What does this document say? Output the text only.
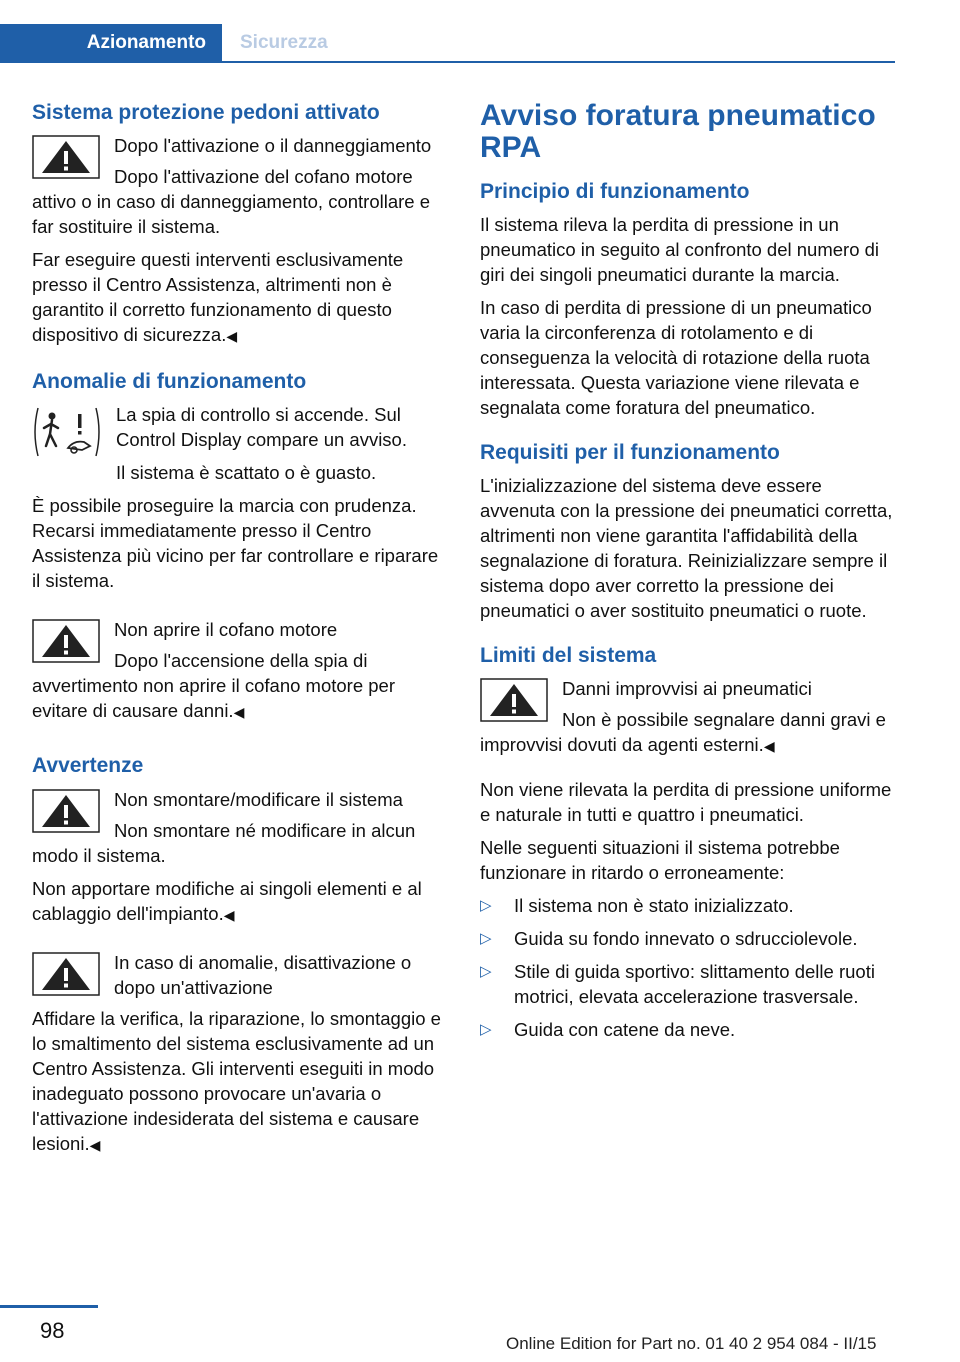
Azionamento	Sicurezza
Sistema protezione pedoni attivato

Dopo l'attivazione o il danneggiamento

Dopo l'attivazione del cofano motore attivo o in caso di danneggiamento, controllare e far sostituire il sistema.

Far eseguire questi interventi esclusivamente presso il Centro Assistenza, altrimenti non è garantito il corretto funzionamento di questo dispositivo di sicurezza.◀

Anomalie di funzionamento

La spia di controllo si accende. Sul Control Display compare un avviso.

Il sistema è scattato o è guasto.

È possibile proseguire la marcia con prudenza. Recarsi immediatamente presso il Centro Assistenza più vicino per far controllare e riparare il sistema.

Non aprire il cofano motore

Dopo l'accensione della spia di avvertimento non aprire il cofano motore per evitare di causare danni.◀

Avvertenze

Non smontare/modificare il sistema

Non smontare né modificare in alcun modo il sistema.

Non apportare modifiche ai singoli elementi e al cablaggio dell'impianto.◀

In caso di anomalie, disattivazione o dopo un'attivazione

Affidare la verifica, la riparazione, lo smontaggio e lo smaltimento del sistema esclusivamente ad un Centro Assistenza. Gli interventi eseguiti in modo inadeguato possono provocare un'avaria o l'attivazione indesiderata del sistema e causare lesioni.◀

Avviso foratura pneumatico RPA
Principio di funzionamento

Il sistema rileva la perdita di pressione in un pneumatico in seguito al confronto del numero di giri dei singoli pneumatici durante la marcia.

In caso di perdita di pressione di un pneumatico varia la circonferenza di rotolamento e di conseguenza la velocità di rotazione della ruota interessata. Questa variazione viene rilevata e segnalata come foratura del pneumatico.

Requisiti per il funzionamento

L'inizializzazione del sistema deve essere avvenuta con la pressione dei pneumatici corretta, altrimenti non viene garantita l'affidabilità della segnalazione di foratura. Reinizializzare sempre il sistema dopo aver corretto la pressione dei pneumatici o aver sostituito pneumatici o ruote.

Limiti del sistema

Danni improvvisi ai pneumatici

Non è possibile segnalare danni gravi e improvvisi dovuti da agenti esterni.◀

Non viene rilevata la perdita di pressione uniforme e naturale in tutti e quattro i pneumatici.

Nelle seguenti situazioni il sistema potrebbe funzionare in ritardo o erroneamente:

▷ Il sistema non è stato inizializzato.
▷ Guida su fondo innevato o sdrucciolevole.
▷ Stile di guida sportivo: slittamento delle ruoti motrici, elevata accelerazione trasversale.
▷ Guida con catene da neve.
98
Online Edition for Part no. 01 40 2 954 084 - II/15
